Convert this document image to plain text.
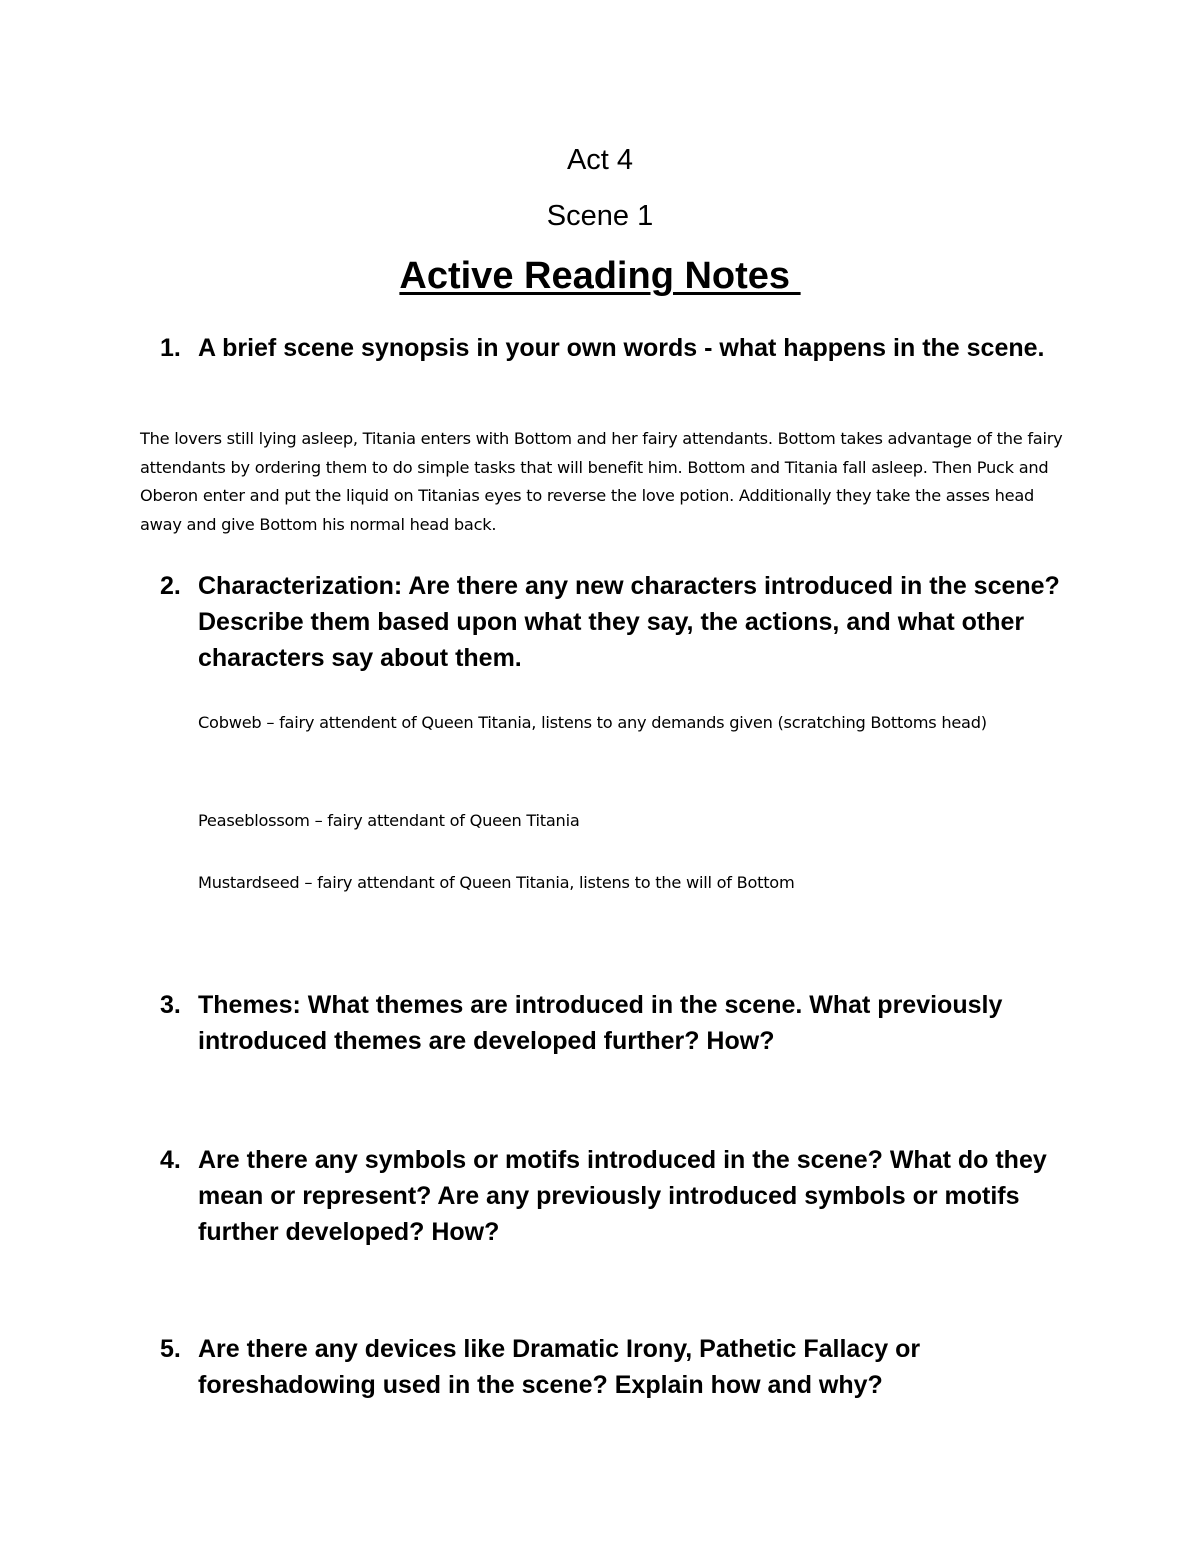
Act 4
Scene 1
Active Reading Notes
1. A brief scene synopsis in your own words - what happens in the scene.
The lovers still lying asleep, Titania enters with Bottom and her fairy attendants. Bottom takes advantage of the fairy attendants by ordering them to do simple tasks that will benefit him. Bottom and Titania fall asleep. Then Puck and Oberon enter and put the liquid on Titanias eyes to reverse the love potion. Additionally they take the asses head away and give Bottom his normal head back.
2. Characterization: Are there any new characters introduced in the scene? Describe them based upon what they say, the actions, and what other characters say about them.
Cobweb – fairy attendent of Queen Titania, listens to any demands given (scratching Bottoms head)
Peaseblossom – fairy attendant of Queen Titania
Mustardseed – fairy attendant of Queen Titania, listens to the will of Bottom
3. Themes: What themes are introduced in the scene. What previously introduced themes are developed further? How?
4. Are there any symbols or motifs introduced in the scene? What do they mean or represent? Are any previously introduced symbols or motifs further developed? How?
5. Are there any devices like Dramatic Irony, Pathetic Fallacy or foreshadowing used in the scene? Explain how and why?
